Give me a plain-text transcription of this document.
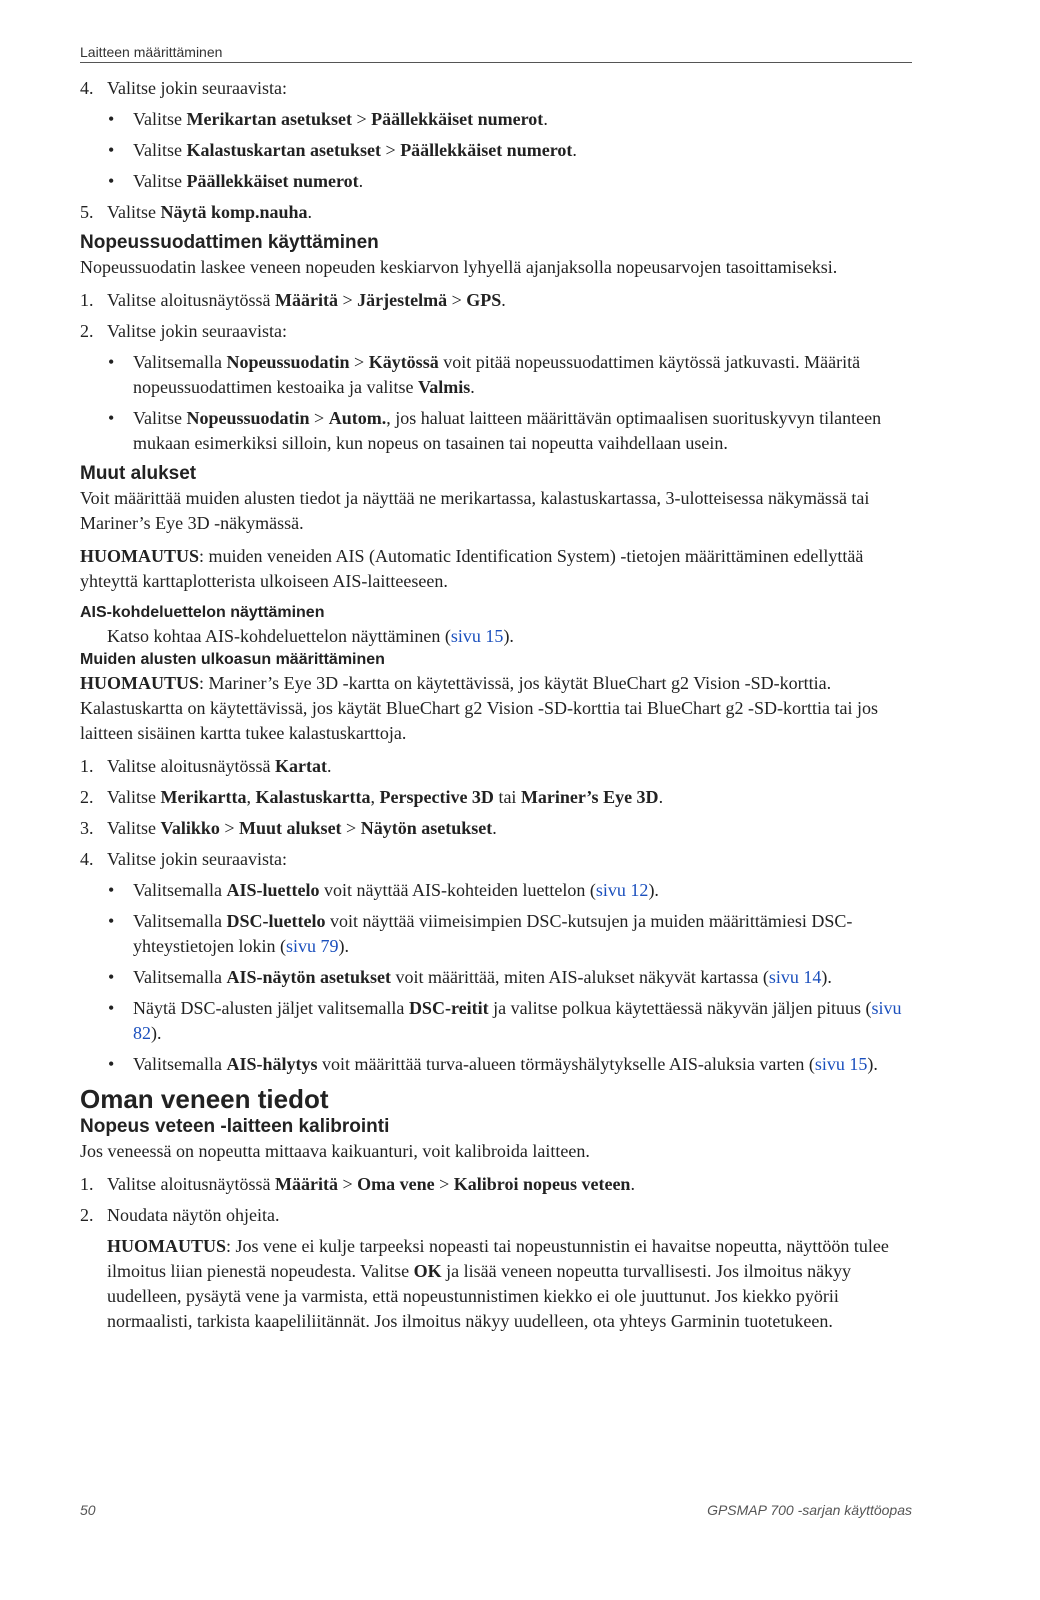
Laitteen määrittäminen
4. Valitse jokin seuraavista:
• Valitse Merikartan asetukset > Päällekkäiset numerot.
• Valitse Kalastuskartan asetukset > Päällekkäiset numerot.
• Valitse Päällekkäiset numerot.
5. Valitse Näytä komp.nauha.

Nopeussuodattimen käyttäminen

Nopeussuodatin laskee veneen nopeuden keskiarvon lyhyellä ajanjaksolla nopeusarvojen tasoittamiseksi.

1. Valitse aloitusnäytössä Määritä > Järjestelmä > GPS.
2. Valitse jokin seuraavista:
• Valitsemalla Nopeussuodatin > Käytössä voit pitää nopeussuodattimen käytössä jatkuvasti. Määritä nopeussuodattimen kestoaika ja valitse Valmis.
• Valitse Nopeussuodatin > Autom., jos haluat laitteen määrittävän optimaalisen suorituskyvyn tilanteen mukaan esimerkiksi silloin, kun nopeus on tasainen tai nopeutta vaihdellaan usein.

Muut alukset

Voit määrittää muiden alusten tiedot ja näyttää ne merikartassa, kalastuskartassa, 3-ulotteisessa näkymässä tai Mariner’s Eye 3D -näkymässä.

HUOMAUTUS: muiden veneiden AIS (Automatic Identification System) -tietojen määrittäminen edellyttää yhteyttä karttaplotterista ulkoiseen AIS-laitteeseen.

AIS-kohdeluettelon näyttäminen

Katso kohtaa AIS-kohdeluettelon näyttäminen (sivu 15).

Muiden alusten ulkoasun määrittäminen

HUOMAUTUS: Mariner’s Eye 3D -kartta on käytettävissä, jos käytät BlueChart g2 Vision -SD-korttia. Kalastuskartta on käytettävissä, jos käytät BlueChart g2 Vision -SD-korttia tai BlueChart g2 -SD-korttia tai jos laitteen sisäinen kartta tukee kalastuskarttoja.

1. Valitse aloitusnäytössä Kartat.
2. Valitse Merikartta, Kalastuskartta, Perspective 3D tai Mariner’s Eye 3D.
3. Valitse Valikko > Muut alukset > Näytön asetukset.
4. Valitse jokin seuraavista:
• Valitsemalla AIS-luettelo voit näyttää AIS-kohteiden luettelon (sivu 12).
• Valitsemalla DSC-luettelo voit näyttää viimeisimpien DSC-kutsujen ja muiden määrittämiesi DSC-yhteystietojen lokin (sivu 79).
• Valitsemalla AIS-näytön asetukset voit määrittää, miten AIS-alukset näkyvät kartassa (sivu 14).
• Näytä DSC-alusten jäljet valitsemalla DSC-reitit ja valitse polkua käytettäessä näkyvän jäljen pituus (sivu 82).
• Valitsemalla AIS-hälytys voit määrittää turva-alueen törmäyshälytykselle AIS-aluksia varten (sivu 15).

Oman veneen tiedot

Nopeus veteen -laitteen kalibrointi

Jos veneessä on nopeutta mittaava kaikuanturi, voit kalibroida laitteen.

1. Valitse aloitusnäytössä Määritä > Oma vene > Kalibroi nopeus veteen.
2. Noudata näytön ohjeita.

HUOMAUTUS: Jos vene ei kulje tarpeeksi nopeasti tai nopeustunnistin ei havaitse nopeutta, näyttöön tulee ilmoitus liian pienestä nopeudesta. Valitse OK ja lisää veneen nopeutta turvallisesti. Jos ilmoitus näkyy uudelleen, pysäytä vene ja varmista, että nopeustunnistimen kiekko ei ole juuttunut. Jos kiekko pyörii normaalisti, tarkista kaapeliliitännät. Jos ilmoitus näkyy uudelleen, ota yhteys Garminin tuotetukeen.

50	GPSMAP 700 -sarjan käyttöopas
